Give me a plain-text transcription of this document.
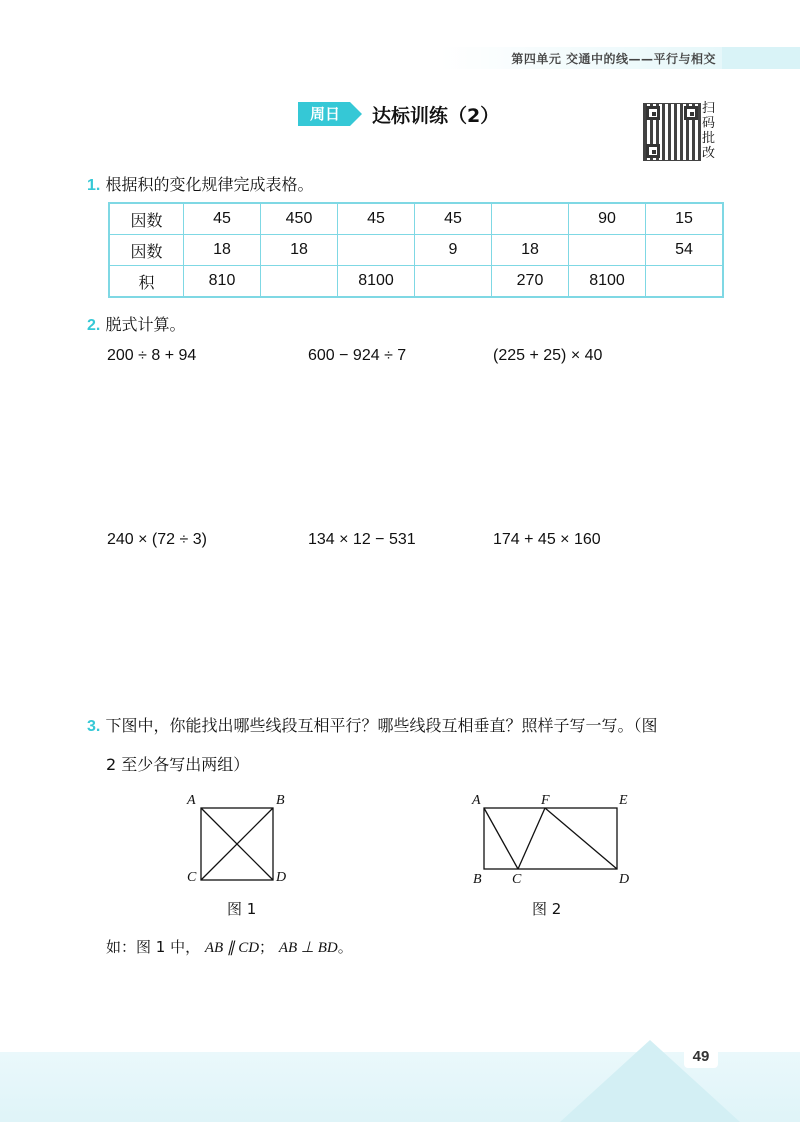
第四单元 交通中的线——平行与相交
周日	达标训练（2）	扫
码
批
改
1. 根据积的变化规律完成表格。
因数	45	450	45	45		90	15
因数	18	18		9	18		54
积	810		8100		270	8100	
2. 脱式计算。
200 ÷ 8 + 94	600 − 924 ÷ 7	(225 + 25) × 40
240 × (72 ÷ 3)	134 × 12 − 531	174 + 45 × 160
3. 下图中，你能找出哪些线段互相平行？哪些线段互相垂直？照样子写一写。（图
2 至少各写出两组）
A	B
C	D
图 1
A	F	E
B C	D
图 2
如：图 1 中， AB ∥ CD； AB ⊥ BD。
49
